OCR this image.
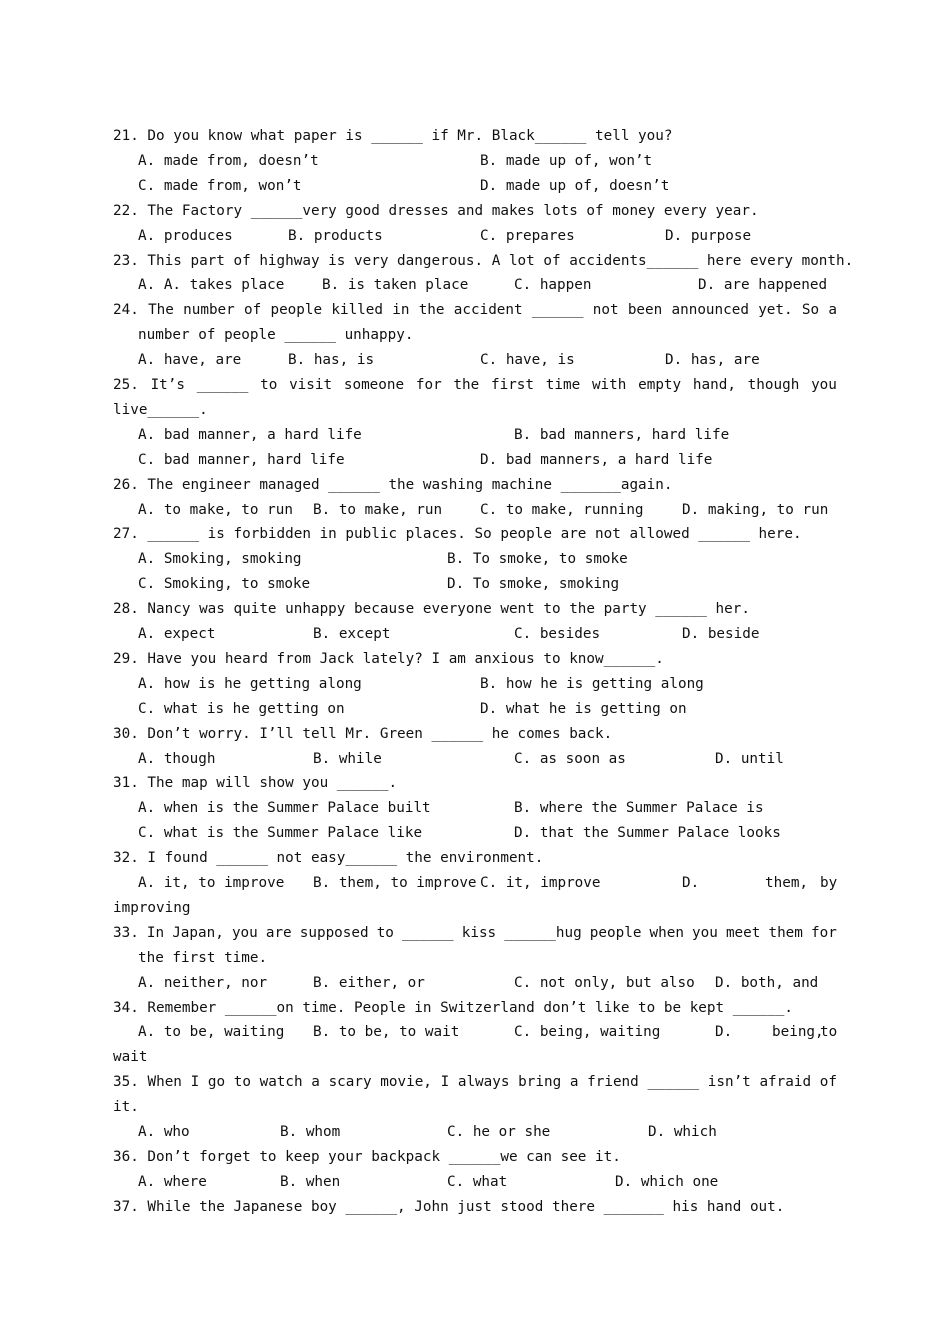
21. Do you know what paper is ______ if Mr. Black______ tell you?
A. made from, doesn’t	B. made up of, won’t
C. made from, won’t	D. made up of, doesn’t
22. The Factory ______very good dresses and makes lots of money every year.
A. produces	B. products	C. prepares	D. purpose
23. This part of highway is very dangerous. A lot of accidents______ here every month.
A. A. takes place	B. is taken place	C. happen	D. are happened
24. The number of people killed in the accident ______ not been announced yet. So a
number of people ______ unhappy.
A. have, are	B. has, is	C. have, is	D. has, are
25. It’s ______ to visit someone for the first time with empty hand, though you
live______.
A. bad manner, a hard life	B. bad manners, hard life
C. bad manner, hard life	D. bad manners, a hard life
26. The engineer managed ______ the washing machine _______again.
A. to make, to run B. to make, run	C. to make, running	D. making, to run
27. ______ is forbidden in public places. So people are not allowed ______ here.
A. Smoking, smoking	B. To smoke, to smoke
C. Smoking, to smoke	D. To smoke, smoking
28. Nancy was quite unhappy because everyone went to the party ______ her.
A. expect	B. except	C. besides	D. beside
29. Have you heard from Jack lately? I am anxious to know______.
A. how is he getting along	B. how he is getting along
C. what is he getting on	D. what he is getting on
30. Don’t worry. I’ll tell Mr. Green ______ he comes back.
A. though	B. while	C. as soon as	D. until
31. The map will show you ______.
A. when is the Summer Palace built	B. where the Summer Palace is
C. what is the Summer Palace like	D. that the Summer Palace looks
32. I found ______ not easy______ the environment.
A. it, to improve B. them, to improve C. it, improve	D.	them, by
improving
33. In Japan, you are supposed to ______ kiss ______hug people when you meet them for
the first time.
A. neither, nor	B. either, or	C. not only, but also D. both, and
34. Remember ______on time. People in Switzerland don’t like to be kept ______.
A. to be, waiting B. to be, to wait	C. being, waiting	D.	being,
to
wait
35. When I go to watch a scary movie, I always bring a friend ______ isn’t afraid of
it.
A. who	B. whom	C. he or she	D. which
36. Don’t forget to keep your backpack ______we can see it.
A. where	B. when	C. what	D. which one
37. While the Japanese boy ______, John just stood there _______ his hand out.
